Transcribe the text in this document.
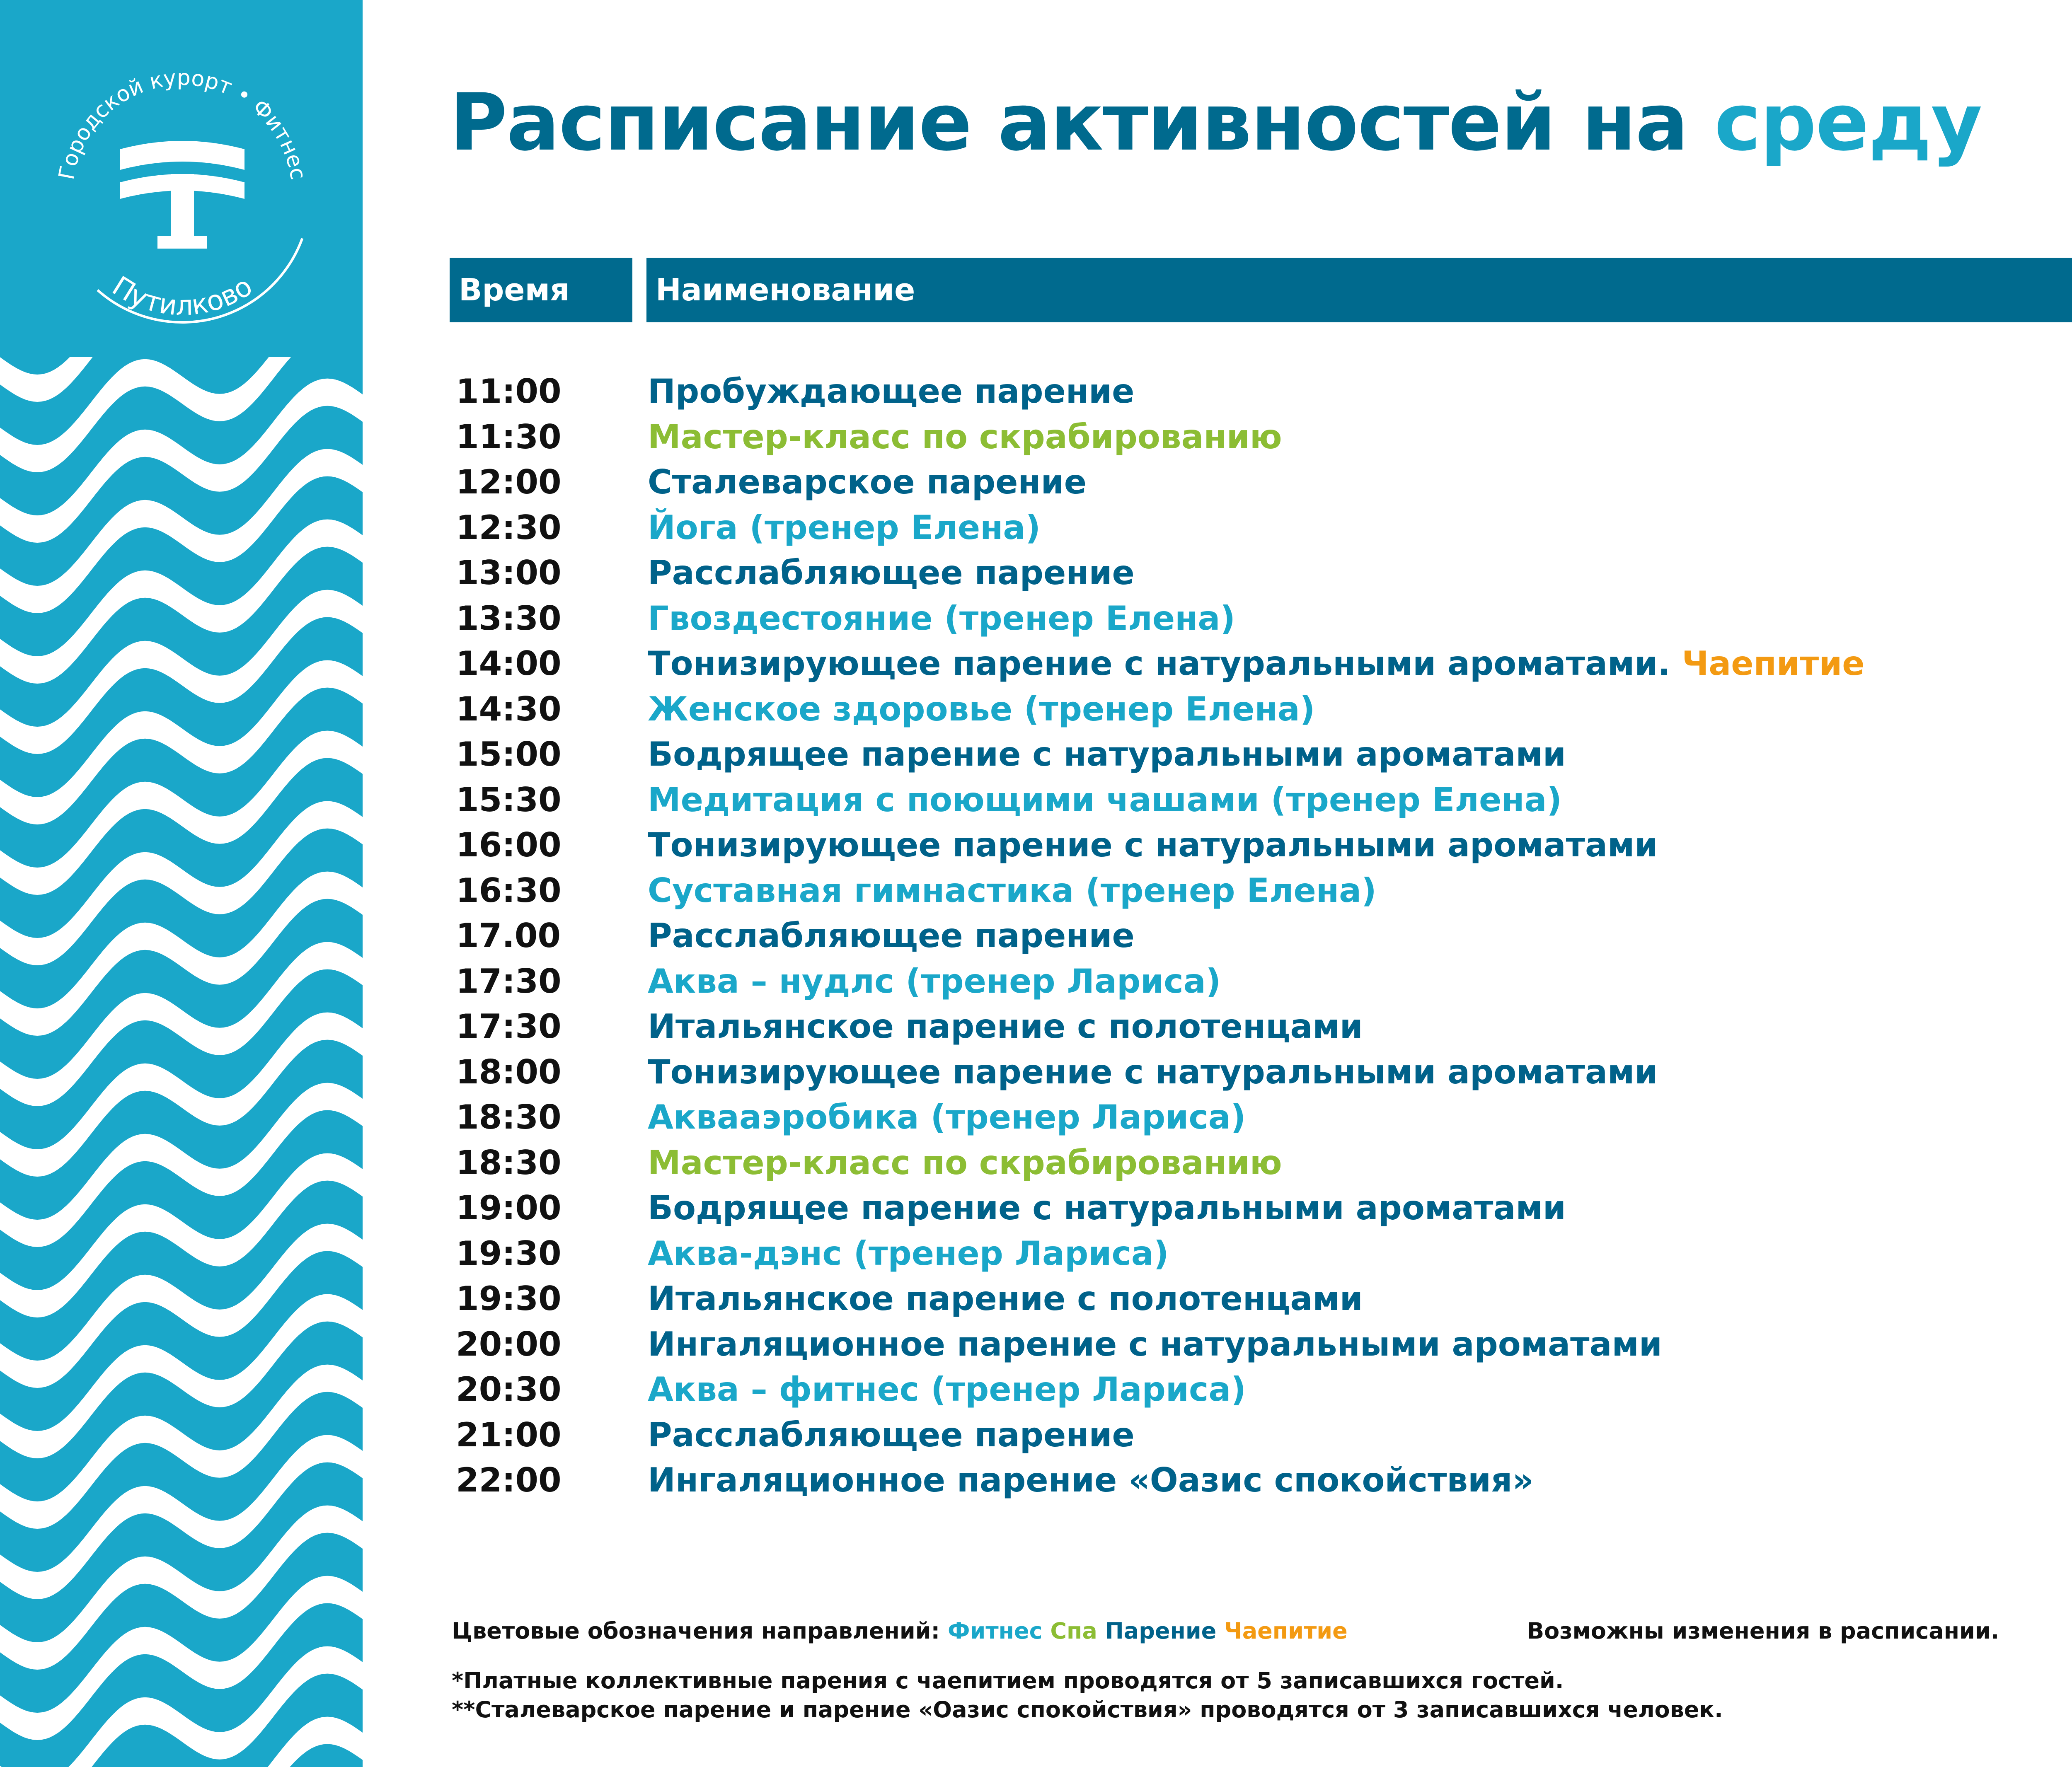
Городской курорт • Фитнес
Путилково
Расписание активностей на среду
Время	Наименование
11:00	Пробуждающее парение
11:30	Мастер-класс по скрабированию
12:00	Сталеварское парение
12:30	Йога (тренер Елена)
13:00	Расслабляющее парение
13:30	Гвоздестояние (тренер Елена)
14:00	Тонизирующее парение с натуральными ароматами. Чаепитие
14:30	Женское здоровье (тренер Елена)
15:00	Бодрящее парение с натуральными ароматами
15:30	Медитация с поющими чашами (тренер Елена)
16:00	Тонизирующее парение с натуральными ароматами
16:30	Суставная гимнастика (тренер Елена)
17.00	Расслабляющее парение
17:30	Аква – нудлс (тренер Лариса)
17:30	Итальянское парение с полотенцами
18:00	Тонизирующее парение с натуральными ароматами
18:30	Аквааэробика (тренер Лариса)
18:30	Мастер-класс по скрабированию
19:00	Бодрящее парение с натуральными ароматами
19:30	Аква-дэнс (тренер Лариса)
19:30	Итальянское парение с полотенцами
20:00	Ингаляционное парение с натуральными ароматами
20:30	Аква – фитнес (тренер Лариса)
21:00	Расслабляющее парение
22:00	Ингаляционное парение «Оазис спокойствия»
Цветовые обозначения направлений: Фитнес Спа Парение Чаепитие	Возможны изменения в расписании.
*Платные коллективные парения с чаепитием проводятся от 5 записавшихся гостей.
**Сталеварское парение и парение «Оазис спокойствия» проводятся от 3 записавшихся человек.
